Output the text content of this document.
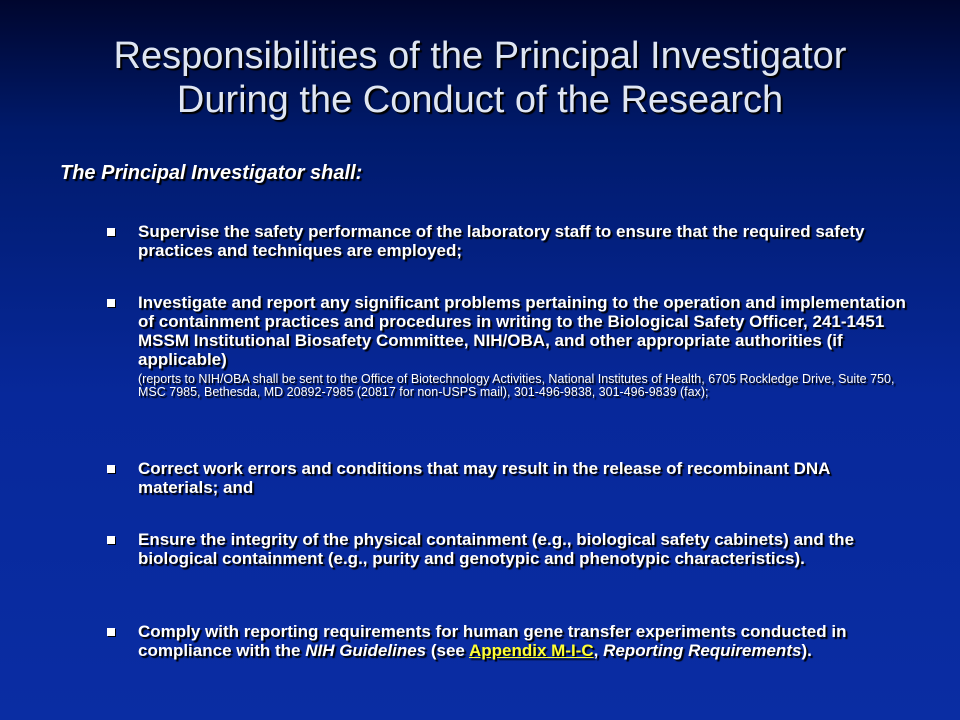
Responsibilities of the Principal Investigator
During the Conduct of the Research
The Principal Investigator shall:
Supervise the safety performance of the laboratory staff to ensure that the required safety practices and techniques are employed;
Investigate and report any significant problems pertaining to the operation and implementation of containment practices and procedures in writing to the Biological Safety Officer, 241-1451 MSSM Institutional Biosafety Committee, NIH/OBA, and other appropriate authorities (if applicable)
(reports to NIH/OBA shall be sent to the Office of Biotechnology Activities, National Institutes of Health, 6705 Rockledge Drive, Suite 750, MSC 7985, Bethesda, MD 20892-7985 (20817 for non-USPS mail), 301-496-9838, 301-496-9839 (fax);
Correct work errors and conditions that may result in the release of recombinant DNA materials; and
Ensure the integrity of the physical containment (e.g., biological safety cabinets) and the biological containment (e.g., purity and genotypic and phenotypic characteristics).
Comply with reporting requirements for human gene transfer experiments conducted in compliance with the NIH Guidelines (see Appendix M-I-C, Reporting Requirements).
